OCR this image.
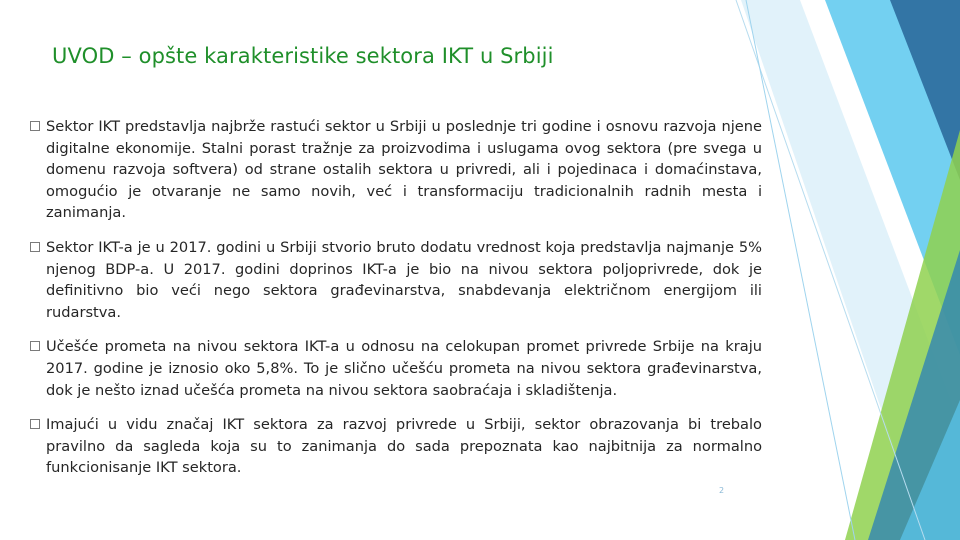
UVOD – opšte karakteristike sektora IKT u Srbiji

Sektor IKT predstavlja najbrže rastući sektor u Srbiji u poslednje tri godine i osnovu razvoja njene digitalne ekonomije. Stalni porast tražnje za proizvodima i uslugama ovog sektora (pre svega u domenu razvoja softvera) od strane ostalih sektora u privredi, ali i pojedinaca i domaćinstava, omogućio je otvaranje ne samo novih, već i transformaciju tradicionalnih radnih mesta i zanimanja.

Sektor IKT-a je u 2017. godini u Srbiji stvorio bruto dodatu vrednost koja predstavlja najmanje 5% njenog BDP-a. U 2017. godini doprinos IKT-a je bio na nivou sektora poljoprivrede, dok je definitivno bio veći nego sektora građevinarstva, snabdevanja električnom energijom ili rudarstva.

Učešće prometa na nivou sektora IKT-a u odnosu na celokupan promet privrede Srbije na kraju 2017. godine je iznosio oko 5,8%. To je slično učešću prometa na nivou sektora građevinarstva, dok je nešto iznad učešća prometa na nivou sektora saobraćaja i skladištenja.

Imajući u vidu značaj IKT sektora za razvoj privrede u Srbiji, sektor obrazovanja bi trebalo pravilno da sagleda koja su to zanimanja do sada prepoznata kao najbitnija za normalno funkcionisanje IKT sektora.

2
